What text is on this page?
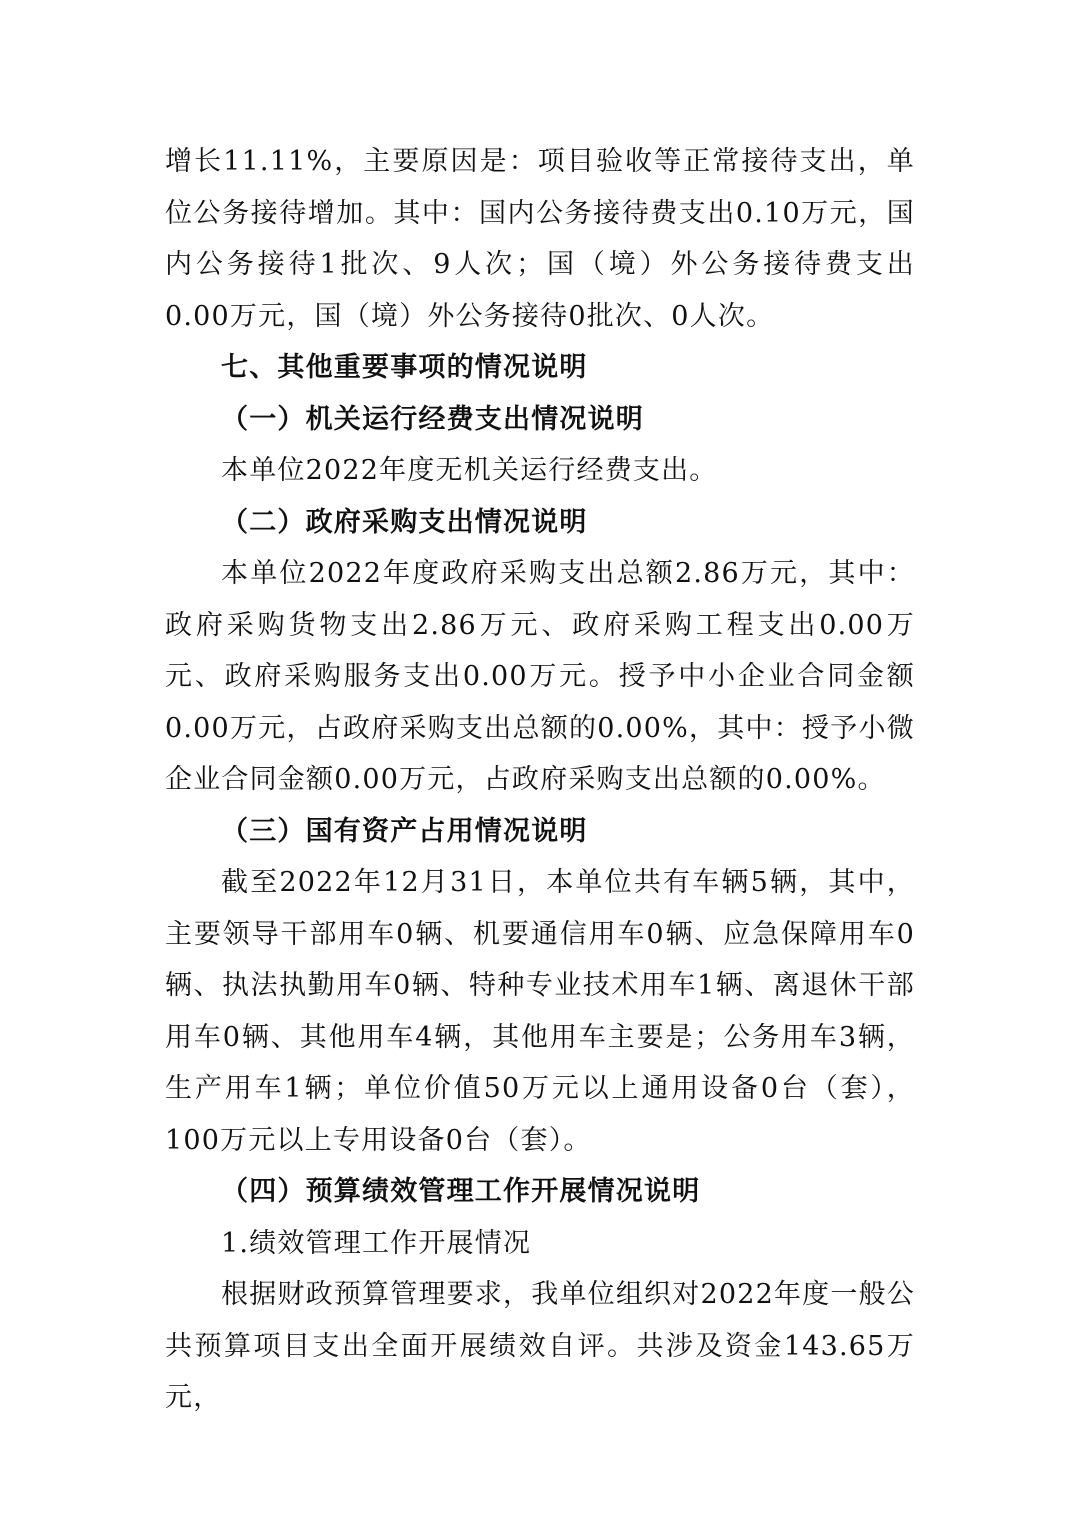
增长11.11%，主要原因是：项目验收等正常接待支出，单位公务接待增加。其中：国内公务接待费支出0.10万元，国内公务接待1批次、9人次；国（境）外公务接待费支出0.00万元，国（境）外公务接待0批次、0人次。

七、其他重要事项的情况说明

（一）机关运行经费支出情况说明

本单位2022年度无机关运行经费支出。

（二）政府采购支出情况说明

本单位2022年度政府采购支出总额2.86万元，其中：政府采购货物支出2.86万元、政府采购工程支出0.00万元、政府采购服务支出0.00万元。授予中小企业合同金额0.00万元，占政府采购支出总额的0.00%，其中：授予小微企业合同金额0.00万元，占政府采购支出总额的0.00%。

（三）国有资产占用情况说明

截至2022年12月31日，本单位共有车辆5辆，其中，主要领导干部用车0辆、机要通信用车0辆、应急保障用车0辆、执法执勤用车0辆、特种专业技术用车1辆、离退休干部用车0辆、其他用车4辆，其他用车主要是；公务用车3辆，生产用车1辆；单位价值50万元以上通用设备0台（套），100万元以上专用设备0台（套）。

（四）预算绩效管理工作开展情况说明

1.绩效管理工作开展情况

根据财政预算管理要求，我单位组织对2022年度一般公共预算项目支出全面开展绩效自评。共涉及资金143.65万元，
